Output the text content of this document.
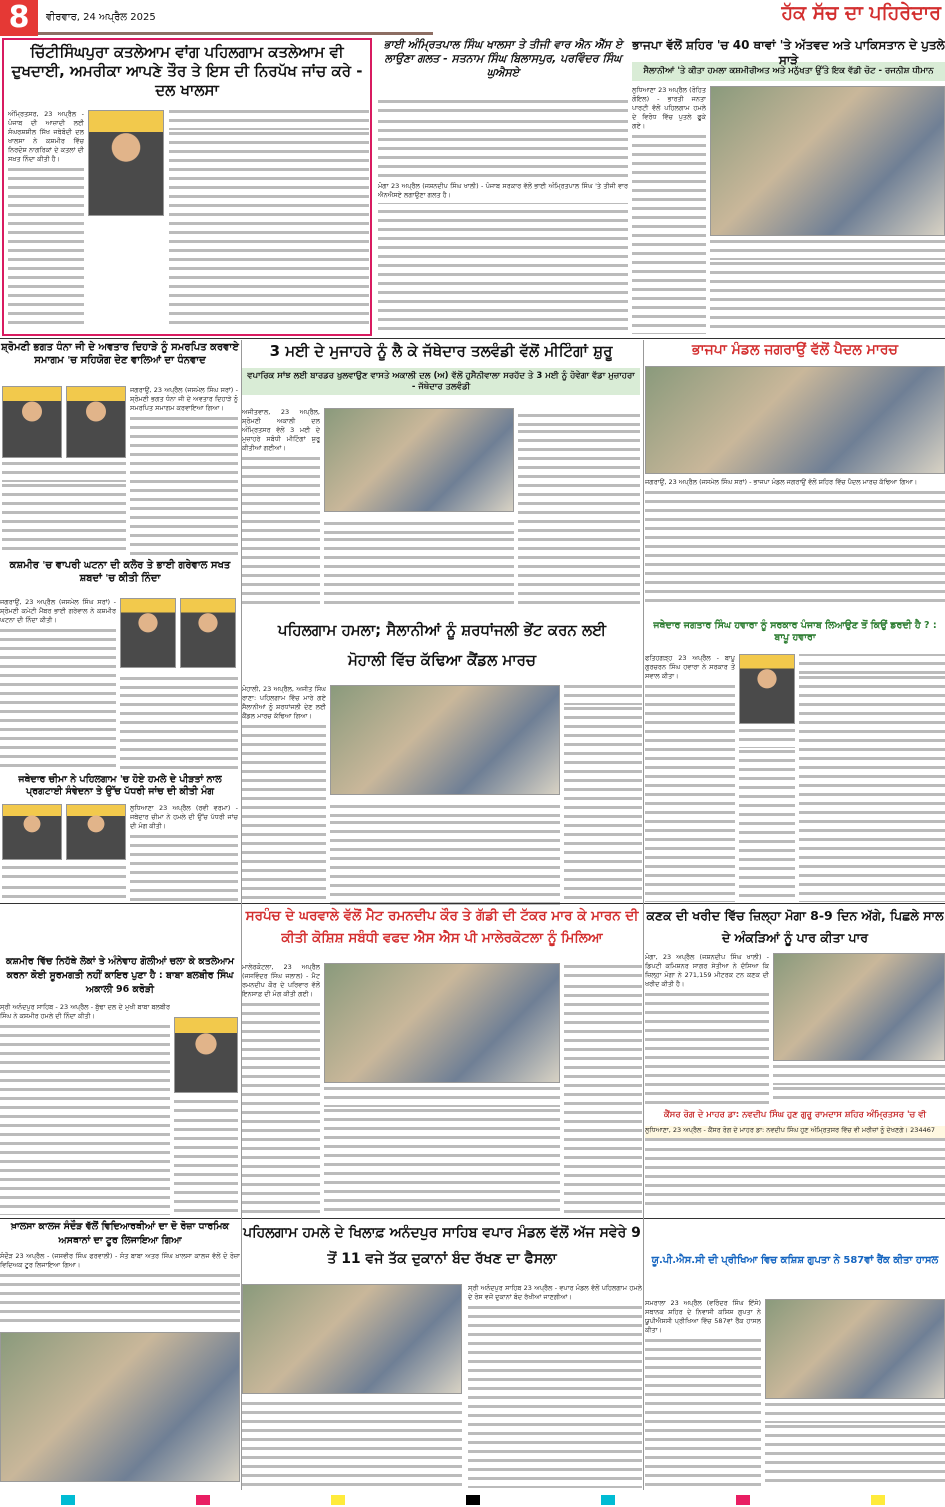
8	ਵੀਰਵਾਰ, 24 ਅਪ੍ਰੈਲ 2025	ਹੱਕ ਸੱਚ ਦਾ ਪਹਿਰੇਦਾਰ
ਚਿੱਟੀਸਿੰਘਪੁਰਾ ਕਤਲੇਆਮ ਵਾਂਗ ਪਹਿਲਗਾਮ ਕਤਲੇਆਮ ਵੀ ਦੁਖਦਾਈ, ਅਮਰੀਕਾ ਆਪਣੇ ਤੌਰ ਤੇ ਇਸ ਦੀ ਨਿਰਪੱਖ ਜਾਂਚ ਕਰੇ - ਦਲ ਖਾਲਸਾ
ਅੰਮ੍ਰਿਤਸਰ, 23 ਅਪ੍ਰੈਲ - ਪੰਜਾਬ ਦੀ ਆਜ਼ਾਦੀ ਲਈ ਸੰਘਰਸ਼ਸ਼ੀਲ ਸਿੱਖ ਜਥੇਬੰਦੀ ਦਲ ਖਾਲਸਾ ਨੇ ਕਸ਼ਮੀਰ ਵਿੱਚ ਨਿਰਦੋਸ਼ ਨਾਗਰਿਕਾਂ ਦੇ ਕਤਲਾਂ ਦੀ ਸਖ਼ਤ ਨਿੰਦਾ ਕੀਤੀ ਹੈ।
ਭਾਈ ਅੰਮ੍ਰਿਤਪਾਲ ਸਿੰਘ ਖਾਲਸਾ ਤੇ ਤੀਜੀ ਵਾਰ ਐਨ ਐੱਸ ਏ ਲਾਉਣਾ ਗਲਤ - ਸਤਨਾਮ ਸਿੰਘ ਬਿਲਾਸਪੁਰ, ਪਰਵਿੰਦਰ ਸਿੰਘ ਘੁਐਸਏ
ਮੋਗਾ 23 ਅਪ੍ਰੈਲ (ਜਸ਼ਨਦੀਪ ਸਿੰਘ ਖਾਲੀ) - ਪੰਜਾਬ ਸਰਕਾਰ ਵੱਲੋਂ ਭਾਈ ਅੰਮ੍ਰਿਤਪਾਲ ਸਿੰਘ 'ਤੇ ਤੀਜੀ ਵਾਰ ਐਨਐਸਏ ਲਗਾਉਣਾ ਗਲਤ ਹੈ।
ਭਾਜਪਾ ਵੱਲੋਂ ਸ਼ਹਿਰ 'ਚ 40 ਥਾਵਾਂ 'ਤੇ ਅੱਤਵਦ ਅਤੇ ਪਾਕਿਸਤਾਨ ਦੇ ਪੁਤਲੇ ਸਾੜੇ
ਸੈਲਾਨੀਆਂ 'ਤੇ ਕੀਤਾ ਹਮਲਾ ਕਸ਼ਮੀਰੀਅਤ ਅਤੇ ਮਨੁੱਖਤਾ ਉੱਤੇ ਇਕ ਵੱਡੀ ਚੋਟ - ਰਜਨੀਸ਼ ਧੀਮਾਨ
ਲੁਧਿਆਣਾ 23 ਅਪ੍ਰੈਲ (ਰੋਹਿਤ ਗੋਇਲ) - ਭਾਰਤੀ ਜਨਤਾ ਪਾਰਟੀ ਵੱਲੋਂ ਪਹਿਲਗਾਮ ਹਮਲੇ ਦੇ ਵਿਰੋਧ ਵਿੱਚ ਪੁਤਲੇ ਫੂਕੇ ਗਏ।
ਸ਼੍ਰੋਮਣੀ ਭਗਤ ਧੰਨਾ ਜੀ ਦੇ ਅਵਤਾਰ ਦਿਹਾੜੇ ਨੂੰ ਸਮਰਪਿਤ ਕਰਵਾਏ ਸਮਾਗਮ 'ਚ ਸਹਿਯੋਗ ਦੇਣ ਵਾਲਿਆਂ ਦਾ ਧੰਨਵਾਦ
ਜਗਰਾਉਂ, 23 ਅਪ੍ਰੈਲ (ਜਸਮੇਲ ਸਿੰਘ ਸਰਾਂ) - ਸ਼੍ਰੋਮਣੀ ਭਗਤ ਧੰਨਾ ਜੀ ਦੇ ਅਵਤਾਰ ਦਿਹਾੜੇ ਨੂੰ ਸਮਰਪਿਤ ਸਮਾਗਮ ਕਰਵਾਇਆ ਗਿਆ।
3 ਮਈ ਦੇ ਮੁਜਾਹਰੇ ਨੂੰ ਲੈ ਕੇ ਜੱਥੇਦਾਰ ਤਲਵੰਡੀ ਵੱਲੋਂ ਮੀਟਿੰਗਾਂ ਸ਼ੁਰੂ
ਵਪਾਰਿਕ ਸਾਂਝ ਲਈ ਬਾਰਡਰ ਖੁਲਵਾਉਣ ਵਾਸਤੇ ਅਕਾਲੀ ਦਲ (ਅ) ਵੱਲੋਂ ਹੁਸੈਨੀਵਾਲਾ ਸਰਹੱਦ ਤੇ 3 ਮਈ ਨੂੰ ਹੋਵੇਗਾ ਵੱਡਾ ਮੁਜ਼ਾਹਰਾ - ਜੱਥੇਦਾਰ ਤਲਵੰਡੀ
ਅਜੀਤਵਾਲ, 23 ਅਪ੍ਰੈਲ, ਸ਼੍ਰੋਮਣੀ ਅਕਾਲੀ ਦਲ ਅੰਮ੍ਰਿਤਸਰ ਵੱਲੋਂ 3 ਮਈ ਦੇ ਮੁਜ਼ਾਹਰੇ ਸਬੰਧੀ ਮੀਟਿੰਗਾਂ ਸ਼ੁਰੂ ਕੀਤੀਆਂ ਗਈਆਂ।
ਭਾਜਪਾ ਮੰਡਲ ਜਗਰਾਉਂ ਵੱਲੋਂ ਪੈਦਲ ਮਾਰਚ
ਜਗਰਾਉਂ, 23 ਅਪ੍ਰੈਲ (ਜਸਮੇਲ ਸਿੰਘ ਸਰਾਂ) - ਭਾਜਪਾ ਮੰਡਲ ਜਗਰਾਉਂ ਵੱਲੋਂ ਸ਼ਹਿਰ ਵਿੱਚ ਪੈਦਲ ਮਾਰਚ ਕੱਢਿਆ ਗਿਆ।
ਕਸ਼ਮੀਰ 'ਚ ਵਾਪਰੀ ਘਟਨਾ ਦੀ ਕਲੋਰ ਤੇ ਭਾਈ ਗਰੇਵਾਲ ਸਖਤ ਸ਼ਬਦਾਂ 'ਚ ਕੀਤੀ ਨਿੰਦਾ
ਜਗਰਾਉਂ, 23 ਅਪ੍ਰੈਲ (ਜਸਮੇਲ ਸਿੰਘ ਸਰਾਂ) - ਸ਼੍ਰੋਮਣੀ ਕਮੇਟੀ ਮੈਂਬਰ ਭਾਈ ਗਰੇਵਾਲ ਨੇ ਕਸ਼ਮੀਰ ਘਟਨਾ ਦੀ ਨਿੰਦਾ ਕੀਤੀ।
ਜਥੇਦਾਰ ਚੀਮਾ ਨੇ ਪਹਿਲਗਾਮ 'ਚ ਹੋਏ ਹਮਲੇ ਦੇ ਪੀੜਤਾਂ ਨਾਲ ਪ੍ਰਗਟਾਈ ਸੰਵੇਦਨਾ ਤੇ ਉੱਚ ਪੱਧਰੀ ਜਾਂਚ ਦੀ ਕੀਤੀ ਮੰਗ
ਲੁਧਿਆਣਾ 23 ਅਪ੍ਰੈਲ (ਰਵੀ ਵਰਮਾ) - ਜਥੇਦਾਰ ਚੀਮਾ ਨੇ ਹਮਲੇ ਦੀ ਉੱਚ ਪੱਧਰੀ ਜਾਂਚ ਦੀ ਮੰਗ ਕੀਤੀ।
ਪਹਿਲਗਾਮ ਹਮਲਾ; ਸੈਲਾਨੀਆਂ ਨੂੰ ਸ਼ਰਧਾਂਜਲੀ ਭੇਂਟ ਕਰਨ ਲਈ ਮੋਹਾਲੀ ਵਿੱਚ ਕੱਢਿਆ ਕੈਂਡਲ ਮਾਰਚ
ਮੋਹਾਲੀ, 23 ਅਪ੍ਰੈਲ, ਅਜੀਤ ਸਿੰਘ ਰਾਣਾ: ਪਹਿਲਗਾਮ ਵਿੱਚ ਮਾਰੇ ਗਏ ਸੈਲਾਨੀਆਂ ਨੂੰ ਸ਼ਰਧਾਂਜਲੀ ਦੇਣ ਲਈ ਕੈਂਡਲ ਮਾਰਚ ਕੱਢਿਆ ਗਿਆ।
ਜਥੇਦਾਰ ਜਗਤਾਰ ਸਿੰਘ ਹਵਾਰਾ ਨੂੰ ਸਰਕਾਰ ਪੰਜਾਬ ਲਿਆਉਣ ਤੋਂ ਕਿਉਂ ਡਰਦੀ ਹੈ ? : ਬਾਪੂ ਹਵਾਰਾ
ਫਤਿਹਗੜ੍ਹ 23 ਅਪ੍ਰੈਲ - ਬਾਪੂ ਗੁਰਚਰਨ ਸਿੰਘ ਹਵਾਰਾ ਨੇ ਸਰਕਾਰ ਤੋਂ ਸਵਾਲ ਕੀਤਾ।
ਸਰਪੰਚ ਦੇ ਘਰਵਾਲੇ ਵੱਲੋਂ ਮੈਟ ਰਮਨਦੀਪ ਕੌਰ ਤੇ ਗੱਡੀ ਦੀ ਟੱਕਰ ਮਾਰ ਕੇ ਮਾਰਨ ਦੀ ਕੀਤੀ ਕੋਸ਼ਿਸ਼ ਸਬੰਧੀ ਵਫਦ ਐਸ ਐਸ ਪੀ ਮਾਲੇਰਕੋਟਲਾ ਨੂੰ ਮਿਲਿਆ
ਮਾਲੇਰਕੋਟਲਾ, 23 ਅਪ੍ਰੈਲ (ਜਸਵਿੰਦਰ ਸਿੰਘ ਜਲਾਲ) - ਮੈਟ ਰਮਨਦੀਪ ਕੌਰ ਦੇ ਪਰਿਵਾਰ ਵੱਲੋਂ ਇਨਸਾਫ਼ ਦੀ ਮੰਗ ਕੀਤੀ ਗਈ।
ਕਣਕ ਦੀ ਖਰੀਦ ਵਿੱਚ ਜ਼ਿਲ੍ਹਾ ਮੋਗਾ 8-9 ਦਿਨ ਅੱਗੇ, ਪਿਛਲੇ ਸਾਲ ਦੇ ਅੰਕੜਿਆਂ ਨੂੰ ਪਾਰ ਕੀਤਾ ਪਾਰ
ਮੋਗਾ, 23 ਅਪ੍ਰੈਲ (ਜਸ਼ਨਦੀਪ ਸਿੰਘ ਖਾਲੀ) - ਡਿਪਟੀ ਕਮਿਸ਼ਨਰ ਸਾਗਰ ਸੇਤੀਆ ਨੇ ਦੱਸਿਆ ਕਿ ਜ਼ਿਲ੍ਹਾ ਮੋਗਾ ਨੇ 271,159 ਮੀਟਰਕ ਟਨ ਕਣਕ ਦੀ ਖਰੀਦ ਕੀਤੀ ਹੈ।
ਕਸ਼ਮੀਰ ਵਿੱਚ ਨਿਹੱਥੇ ਲੋਕਾਂ ਤੇ ਅੰਨੇਵਾਹ ਗੋਲੀਆਂ ਚਲਾ ਕੇ ਕਤਲੇਆਮ ਕਰਨਾ ਕੋਈ ਸੂਰਮਗਤੀ ਨਹੀਂ ਕਾਇਰ ਪੁਣਾ ਹੈ : ਬਾਬਾ ਬਲਬੀਰ ਸਿੰਘ ਅਕਾਲੀ 96 ਕਰੋੜੀ
ਸ੍ਰੀ ਅਨੰਦਪੁਰ ਸਾਹਿਬ - 23 ਅਪ੍ਰੈਲ - ਬੁੱਢਾ ਦਲ ਦੇ ਮੁਖੀ ਬਾਬਾ ਬਲਬੀਰ ਸਿੰਘ ਨੇ ਕਸ਼ਮੀਰ ਹਮਲੇ ਦੀ ਨਿੰਦਾ ਕੀਤੀ।
ਕੈਂਸਰ ਰੋਗ ਦੇ ਮਾਹਰ ਡਾ: ਨਵਦੀਪ ਸਿੰਘ ਹੁਣ ਗੁਰੂ ਰਾਮਦਾਸ ਸ਼ਹਿਰ ਅੰਮ੍ਰਿਤਸਰ 'ਚ ਵੀ
ਲੁਧਿਆਣਾ, 23 ਅਪ੍ਰੈਲ - ਕੈਂਸਰ ਰੋਗ ਦੇ ਮਾਹਰ ਡਾ: ਨਵਦੀਪ ਸਿੰਘ ਹੁਣ ਅੰਮ੍ਰਿਤਸਰ ਵਿੱਚ ਵੀ ਮਰੀਜ਼ਾਂ ਨੂੰ ਦੇਖਣਗੇ। 234467
ਖ਼ਾਲਸਾ ਕਾਲਜ ਸੰਦੌੜ ਵੱਲੋਂ ਵਿਦਿਆਰਥੀਆਂ ਦਾ ਦੋ ਰੋਜ਼ਾ ਧਾਰਮਿਕ ਅਸਥਾਨਾਂ ਦਾ ਟੂਰ ਲਿਜਾਇਆ ਗਿਆ
ਸੰਦੌੜ 23 ਅਪ੍ਰੈਲ - (ਜਸਵੀਰ ਸਿੰਘ ਫਰਵਾਲੀ) - ਸੰਤ ਬਾਬਾ ਅਤਰ ਸਿੰਘ ਖ਼ਾਲਸਾ ਕਾਲਜ ਵੱਲੋਂ ਦੋ ਰੋਜ਼ਾ ਵਿਦਿਅਕ ਟੂਰ ਲਿਜਾਇਆ ਗਿਆ।
ਪਹਿਲਗਾਮ ਹਮਲੇ ਦੇ ਖਿਲਾਫ਼ ਅਨੰਦਪੁਰ ਸਾਹਿਬ ਵਪਾਰ ਮੰਡਲ ਵੱਲੋਂ ਅੱਜ ਸਵੇਰੇ 9 ਤੋਂ 11 ਵਜੇ ਤੱਕ ਦੁਕਾਨਾਂ ਬੰਦ ਰੱਖਣ ਦਾ ਫੈਸਲਾ
ਸ੍ਰੀ ਅਨੰਦਪੁਰ ਸਾਹਿਬ 23 ਅਪ੍ਰੈਲ - ਵਪਾਰ ਮੰਡਲ ਵੱਲੋਂ ਪਹਿਲਗਾਮ ਹਮਲੇ ਦੇ ਰੋਸ ਵਜੋਂ ਦੁਕਾਨਾਂ ਬੰਦ ਰੱਖੀਆਂ ਜਾਣਗੀਆਂ।
ਯੂ.ਪੀ.ਐਸ.ਸੀ ਦੀ ਪ੍ਰੀਖਿਆ ਵਿਚ ਕਸ਼ਿਸ਼ ਗੁਪਤਾ ਨੇ 587ਵਾਂ ਰੈਂਕ ਕੀਤਾ ਹਾਸਲ
ਸਮਰਾਲਾ 23 ਅਪ੍ਰੈਲ (ਵਰਿੰਦਰ ਸਿੰਘ ਇੱਸੋ) ਸਥਾਨਕ ਸ਼ਹਿਰ ਦੇ ਨਿਵਾਸੀ ਕਸ਼ਿਸ਼ ਗੁਪਤਾ ਨੇ ਯੂਪੀਐਸਸੀ ਪ੍ਰੀਖਿਆ ਵਿੱਚ 587ਵਾਂ ਰੈਂਕ ਹਾਸਲ ਕੀਤਾ।
